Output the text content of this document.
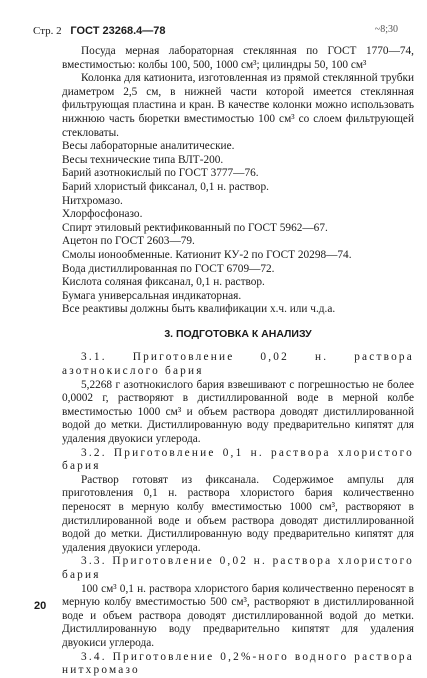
Стр. 2 ГОСТ 23268.4—78	~8;30

Посуда мерная лабораторная стеклянная по ГОСТ 1770—74, вместимостью: колбы 100, 500, 1000 см³; цилиндры 50, 100 см³

Колонка для катионита, изготовленная из прямой стеклянной трубки диаметром 2,5 см, в нижней части которой имеется стеклянная фильтрующая пластина и кран. В качестве колонки можно использовать нижнюю часть бюретки вместимостью 100 см³ со слоем фильтрующей стекловаты.

Весы лабораторные аналитические.

Весы технические типа ВЛТ-200.

Барий азотнокислый по ГОСТ 3777—76.

Барий хлористый фиксанал, 0,1 н. раствор.

Нитхромазо.

Хлорфосфоназо.

Спирт этиловый ректификованный по ГОСТ 5962—67.

Ацетон по ГОСТ 2603—79.

Смолы ионообменные. Катионит КУ-2 по ГОСТ 20298—74.

Вода дистиллированная по ГОСТ 6709—72.

Кислота соляная фиксанал, 0,1 н. раствор.

Бумага универсальная индикаторная.

Все реактивы должны быть квалификации х.ч. или ч.д.а.

3. ПОДГОТОВКА К АНАЛИЗУ

3.1. Приготовление 0,02 н. раствора азотнокислого бария

5,2268 г азотнокислого бария взвешивают с погрешностью не более 0,0002 г, растворяют в дистиллированной воде в мерной колбе вместимостью 1000 см³ и объем раствора доводят дистиллированной водой до метки. Дистиллированную воду предварительно кипятят для удаления двуокиси углерода.

3.2. Приготовление 0,1 н. раствора хлористого бария

Раствор готовят из фиксанала. Содержимое ампулы для приготовления 0,1 н. раствора хлористого бария количественно переносят в мерную колбу вместимостью 1000 см³, растворяют в дистиллированной воде и объем раствора доводят дистиллированной водой до метки. Дистиллированную воду предварительно кипятят для удаления двуокиси углерода.

3.3. Приготовление 0,02 н. раствора хлористого бария

100 см³ 0,1 н. раствора хлористого бария количественно переносят в мерную колбу вместимостью 500 см³, растворяют в дистиллированной воде и объем раствора доводят дистиллированной водой до метки. Дистиллированную воду предварительно кипятят для удаления двуокиси углерода.

3.4. Приготовление 0,2%-ного водного раствора нитхромазо

20
